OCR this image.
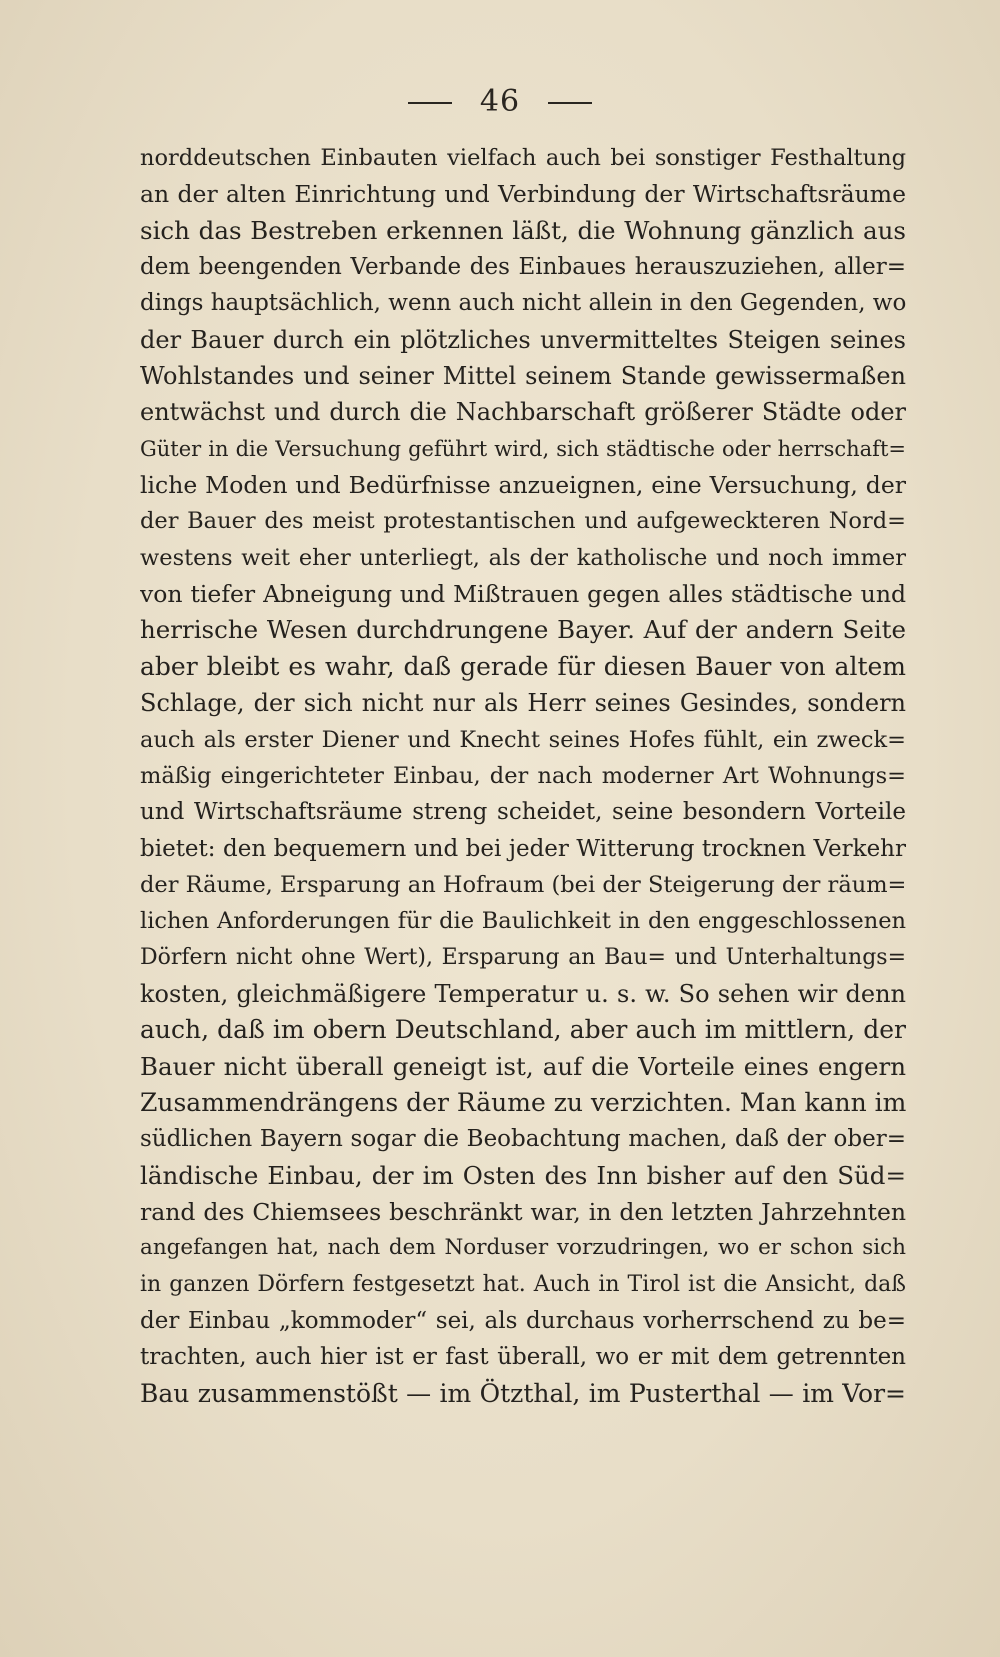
46
norddeutschen Einbauten vielfach auch bei sonstiger Festhaltung
an der alten Einrichtung und Verbindung der Wirtschaftsräume
sich das Bestreben erkennen läßt, die Wohnung gänzlich aus
dem beengenden Verbande des Einbaues herauszuziehen, aller=
dings hauptsächlich, wenn auch nicht allein in den Gegenden, wo
der Bauer durch ein plötzliches unvermitteltes Steigen seines
Wohlstandes und seiner Mittel seinem Stande gewissermaßen
entwächst und durch die Nachbarschaft größerer Städte oder
Güter in die Versuchung geführt wird, sich städtische oder herrschaft=
liche Moden und Bedürfnisse anzueignen, eine Versuchung, der
der Bauer des meist protestantischen und aufgeweckteren Nord=
westens weit eher unterliegt, als der katholische und noch immer
von tiefer Abneigung und Mißtrauen gegen alles städtische und
herrische Wesen durchdrungene Bayer. Auf der andern Seite
aber bleibt es wahr, daß gerade für diesen Bauer von altem
Schlage, der sich nicht nur als Herr seines Gesindes, sondern
auch als erster Diener und Knecht seines Hofes fühlt, ein zweck=
mäßig eingerichteter Einbau, der nach moderner Art Wohnungs=
und Wirtschaftsräume streng scheidet, seine besondern Vorteile
bietet: den bequemern und bei jeder Witterung trocknen Verkehr
der Räume, Ersparung an Hofraum (bei der Steigerung der räum=
lichen Anforderungen für die Baulichkeit in den enggeschlossenen
Dörfern nicht ohne Wert), Ersparung an Bau= und Unterhaltungs=
kosten, gleichmäßigere Temperatur u. s. w. So sehen wir denn
auch, daß im obern Deutschland, aber auch im mittlern, der
Bauer nicht überall geneigt ist, auf die Vorteile eines engern
Zusammendrängens der Räume zu verzichten. Man kann im
südlichen Bayern sogar die Beobachtung machen, daß der ober=
ländische Einbau, der im Osten des Inn bisher auf den Süd=
rand des Chiemsees beschränkt war, in den letzten Jahrzehnten
angefangen hat, nach dem Norduser vorzudringen, wo er schon sich
in ganzen Dörfern festgesetzt hat. Auch in Tirol ist die Ansicht, daß
der Einbau „kommoder“ sei, als durchaus vorherrschend zu be=
trachten, auch hier ist er fast überall, wo er mit dem getrennten
Bau zusammenstößt — im Ötzthal, im Pusterthal — im Vor=
